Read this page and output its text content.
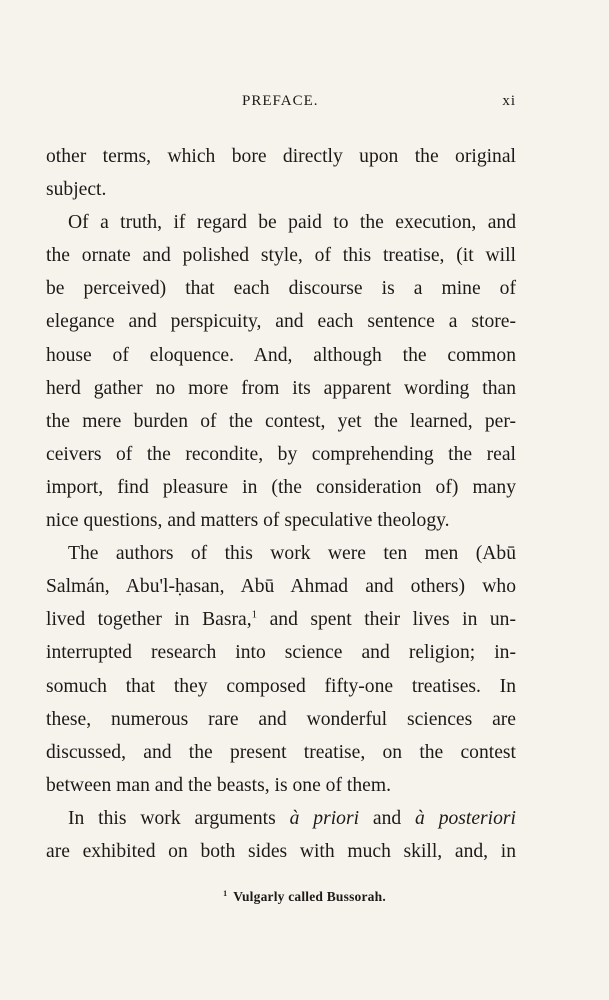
PREFACE.	xi
other terms, which bore directly upon the original
subject.
Of a truth, if regard be paid to the execution, and
the ornate and polished style, of this treatise, (it will
be perceived) that each discourse is a mine of
elegance and perspicuity, and each sentence a store-
house of eloquence. And, although the common
herd gather no more from its apparent wording than
the mere burden of the contest, yet the learned, per-
ceivers of the recondite, by comprehending the real
import, find pleasure in (the consideration of) many
nice questions, and matters of speculative theology.
The authors of this work were ten men (Abū
Salmán, Abu'l-ḥasan, Abū Ahmad and others) who
lived together in Basra,$^1$ and spent their lives in un-
interrupted research into science and religion; in-
somuch that they composed fifty-one treatises. In
these, numerous rare and wonderful sciences are
discussed, and the present treatise, on the contest
between man and the beasts, is one of them.
In this work arguments à priori and à posteriori
are exhibited on both sides with much skill, and, in
$^1$ Vulgarly called Bussorah.
